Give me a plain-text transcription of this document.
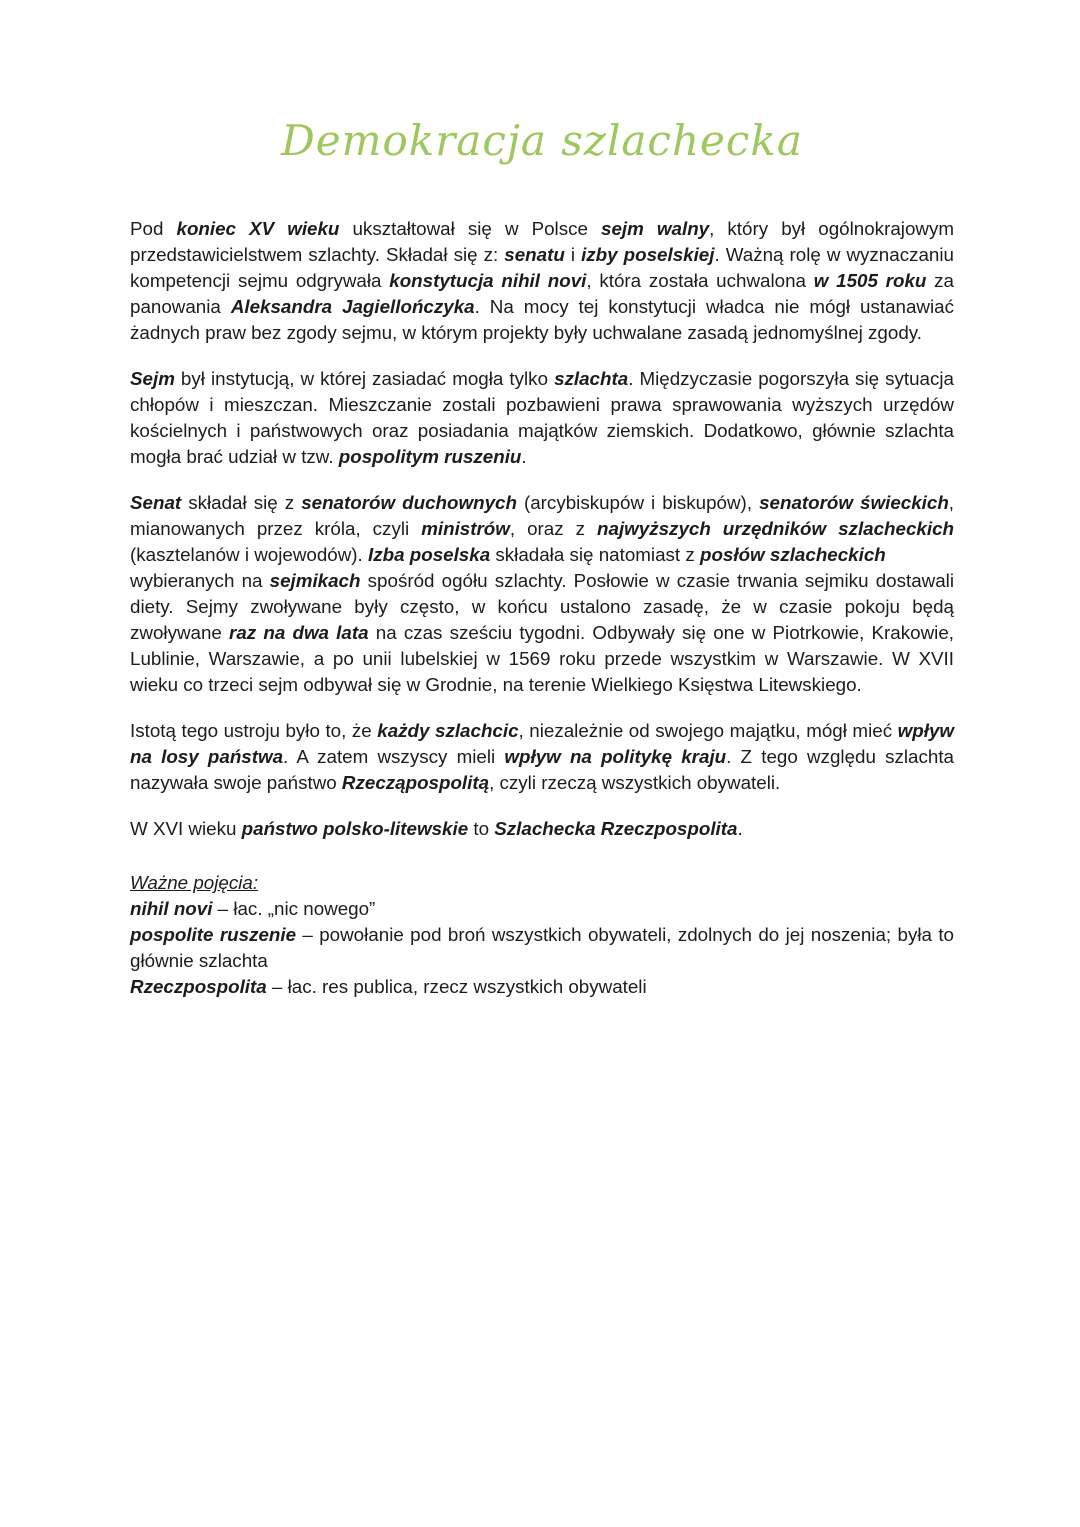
Demokracja szlachecka

Pod koniec XV wieku ukształtował się w Polsce sejm walny, który był ogólnokrajowym przedstawicielstwem szlachty. Składał się z: senatu i izby poselskiej. Ważną rolę w wyznaczaniu kompetencji sejmu odgrywała konstytucja nihil novi, która została uchwalona w 1505 roku za panowania Aleksandra Jagiellończyka. Na mocy tej konstytucji władca nie mógł ustanawiać żadnych praw bez zgody sejmu, w którym projekty były uchwalane zasadą jednomyślnej zgody.

Sejm był instytucją, w której zasiadać mogła tylko szlachta. Międzyczasie pogorszyła się sytuacja chłopów i mieszczan. Mieszczanie zostali pozbawieni prawa sprawowania wyższych urzędów kościelnych i państwowych oraz posiadania majątków ziemskich. Dodatkowo, głównie szlachta mogła brać udział w tzw. pospolitym ruszeniu.

Senat składał się z senatorów duchownych (arcybiskupów i biskupów), senatorów świeckich, mianowanych przez króla, czyli ministrów, oraz z najwyższych urzędników szlacheckich (kasztelanów i wojewodów). Izba poselska składała się natomiast z posłów szlacheckich
wybieranych na sejmikach spośród ogółu szlachty. Posłowie w czasie trwania sejmiku dostawali diety. Sejmy zwoływane były często, w końcu ustalono zasadę, że w czasie pokoju będą zwoływane raz na dwa lata na czas sześciu tygodni. Odbywały się one w Piotrkowie, Krakowie, Lublinie, Warszawie, a po unii lubelskiej w 1569 roku przede wszystkim w Warszawie. W XVII wieku co trzeci sejm odbywał się w Grodnie, na terenie Wielkiego Księstwa Litewskiego.

Istotą tego ustroju było to, że każdy szlachcic, niezależnie od swojego majątku, mógł mieć wpływ na losy państwa. A zatem wszyscy mieli wpływ na politykę kraju. Z tego względu szlachta nazywała swoje państwo Rzecząpospolitą, czyli rzeczą wszystkich obywateli.

W XVI wieku państwo polsko-litewskie to Szlachecka Rzeczpospolita.

Ważne pojęcia:

nihil novi – łac. „nic nowego”

pospolite ruszenie – powołanie pod broń wszystkich obywateli, zdolnych do jej noszenia; była to głównie szlachta

Rzeczpospolita – łac. res publica, rzecz wszystkich obywateli
